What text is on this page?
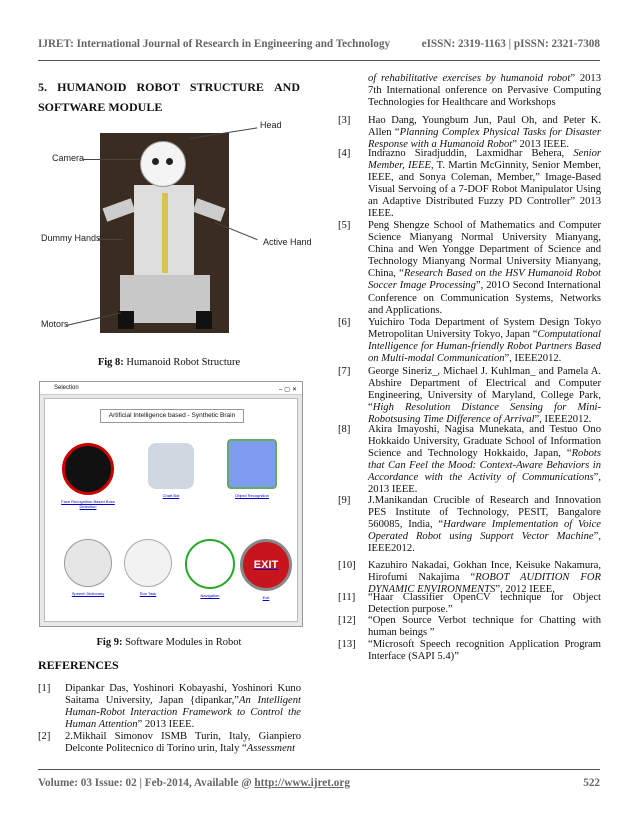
IJRET: International Journal of Research in Engineering and Technology	eISSN: 2319-1163 | pISSN: 2321-7308
5. HUMANOID ROBOT STRUCTURE AND
SOFTWARE MODULE
Head
Camera
Dummy Hands	Active Hand
Motors
Fig 8: Humanoid Robot Structure
Selection	–▢✕
Artificial Intelligence based - Synthetic Brain
Face Recognition Based Boss Detection
Chatt Bot	Object Recognition
Speech Dictionary	Run Task	Navigation
EXIT
Exit
Fig 9: Software Modules in Robot
REFERENCES
[1] Dipankar Das, Yoshinori Kobayashi, Yoshinori Kuno Saitama University, Japan {dipankar,”An Intelligent Human-Robot Interaction Framework to Control the Human Attention” 2013 IEEE.
[2] 2.Mikhail Simonov ISMB Turin, Italy, Gianpiero Delconte Politecnico di Torino urin, Italy “Assessment
of rehabilitative exercises by humanoid robot” 2013 7th International onference on Pervasive Computing Technologies for Healthcare and Workshops
[3] Hao Dang, Youngbum Jun, Paul Oh, and Peter K. Allen “Planning Complex Physical Tasks for Disaster Response with a Humanoid Robot” 2013 IEEE.
[4] Indrazno Siradjuddin, Laxmidhar Behera, Senior Member, IEEE, T. Martin McGinnity, Senior Member, IEEE, and Sonya Coleman, Member,” Image-Based Visual Servoing of a 7-DOF Robot Manipulator Using an Adaptive Distributed Fuzzy PD Controller” 2013 IEEE.
[5] Peng Shengze School of Mathematics and Computer Science Mianyang Normal University Mianyang, China and Wen Yongge Department of Science and Technology Mianyang Normal University Mianyang, China, “Research Based on the HSV Humanoid Robot Soccer Image Processing”, 201O Second International Conference on Communication Systems, Networks and Applications.
[6] Yuichiro Toda Department of System Design Tokyo Metropolitan University Tokyo, Japan “Computational Intelligence for Human-friendly Robot Partners Based on Multi-modal Communication”, IEEE2012.
[7] George Sineriz_, Michael J. Kuhlman_ and Pamela A. Abshire Department of Electrical and Computer Engineering, University of Maryland, College Park, “High Resolution Distance Sensing for Mini-Robotsusing Time Difference of Arrival”, IEEE2012.
[8] Akira Imayoshi, Nagisa Munekata, and Testuo Ono Hokkaido University, Graduate School of Information Science and Technology Hokkaido, Japan, “Robots that Can Feel the Mood: Context-Aware Behaviors in Accordance with the Activity of Communications”, 2013 IEEE.
[9] J.Manikandan Crucible of Research and Innovation PES Institute of Technology, PESIT, Bangalore 560085, India, “Hardware Implementation of Voice Operated Robot using Support Vector Machine”, IEEE2012.
[10] Kazuhiro Nakadai, Gokhan Ince, Keisuke Nakamura, Hirofumi Nakajima “ROBOT AUDITION FOR DYNAMIC ENVIRONMENTS”, 2012 IEEE.
[11] “Haar Classifier OpenCV technique for Object Detection purpose.”
[12] “Open Source Verbot technique for Chatting with human beings ”
[13] “Microsoft Speech recognition Application Program Interface (SAPI 5.4)”
Volume: 03 Issue: 02 | Feb-2014, Available @ http://www.ijret.org	522
